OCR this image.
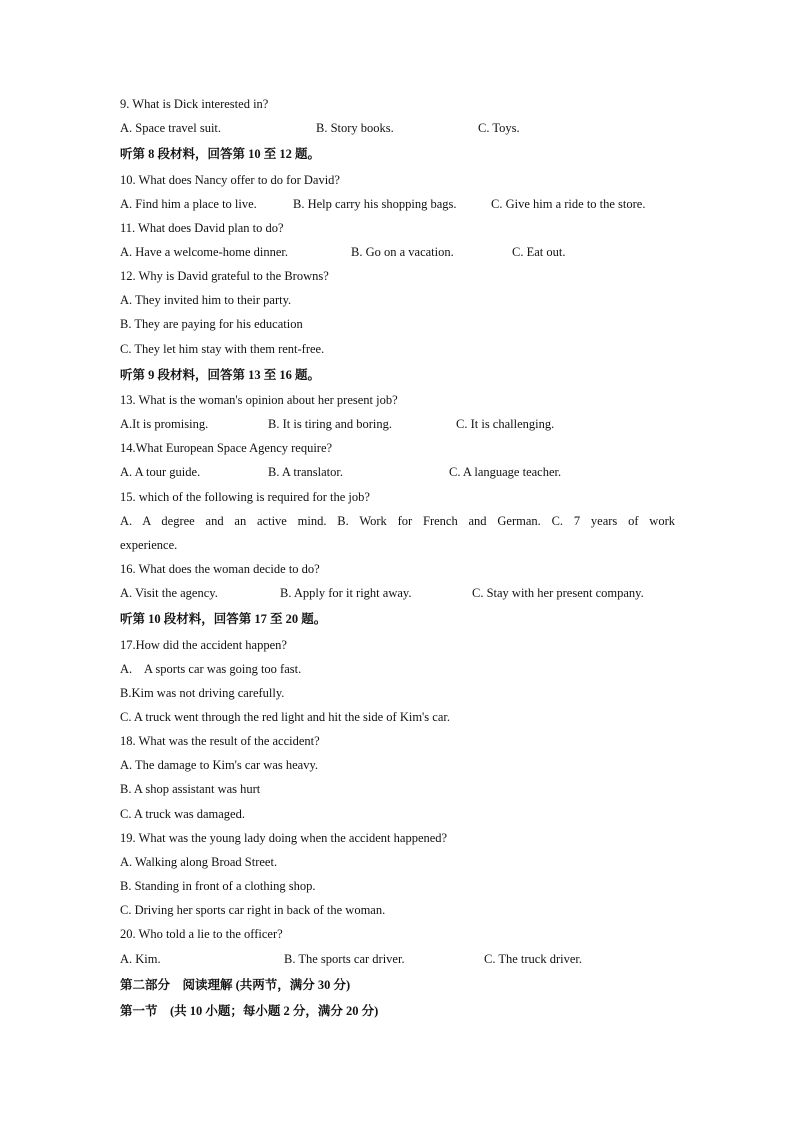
9. What is Dick interested in?
A. Space travel suit.	B. Story books.	C. Toys.
听第 8 段材料，回答第 10 至 12 题。
10. What does Nancy offer to do for David?
A. Find him a place to live.	B. Help carry his shopping bags.	C. Give him a ride to the store.
11. What does David plan to do?
A. Have a welcome-home dinner.	B. Go on a vacation.	C. Eat out.
12. Why is David grateful to the Browns?
A. They invited him to their party.
B. They are paying for his education
C. They let him stay with them rent-free.
听第 9 段材料，回答第 13 至 16 题。
13. What is the woman's opinion about her present job?
A.It is promising.	B. It is tiring and boring.	C. It is challenging.
14.What European Space Agency require?
A. A tour guide.	B. A translator.	C. A language teacher.
15. which of the following is required for the job?
A. A degree and an active mind. B. Work for French and German. C. 7 years of work
experience.
16. What does the woman decide to do?
A. Visit the agency.	B. Apply for it right away.	C. Stay with her present company.
听第 10 段材料，回答第 17 至 20 题。
17.How did the accident happen?
A.    A sports car was going too fast.
B.Kim was not driving carefully.
C. A truck went through the red light and hit the side of Kim's car.
18. What was the result of the accident?
A. The damage to Kim's car was heavy.
B. A shop assistant was hurt
C. A truck was damaged.
19. What was the young lady doing when the accident happened?
A. Walking along Broad Street.
B. Standing in front of a clothing shop.
C. Driving her sports car right in back of the woman.
20. Who told a lie to the officer?
A. Kim.	B. The sports car driver.	C. The truck driver.
第二部分　阅读理解 (共两节，满分 30 分)
第一节　(共 10 小题；每小题 2 分，满分 20 分)
